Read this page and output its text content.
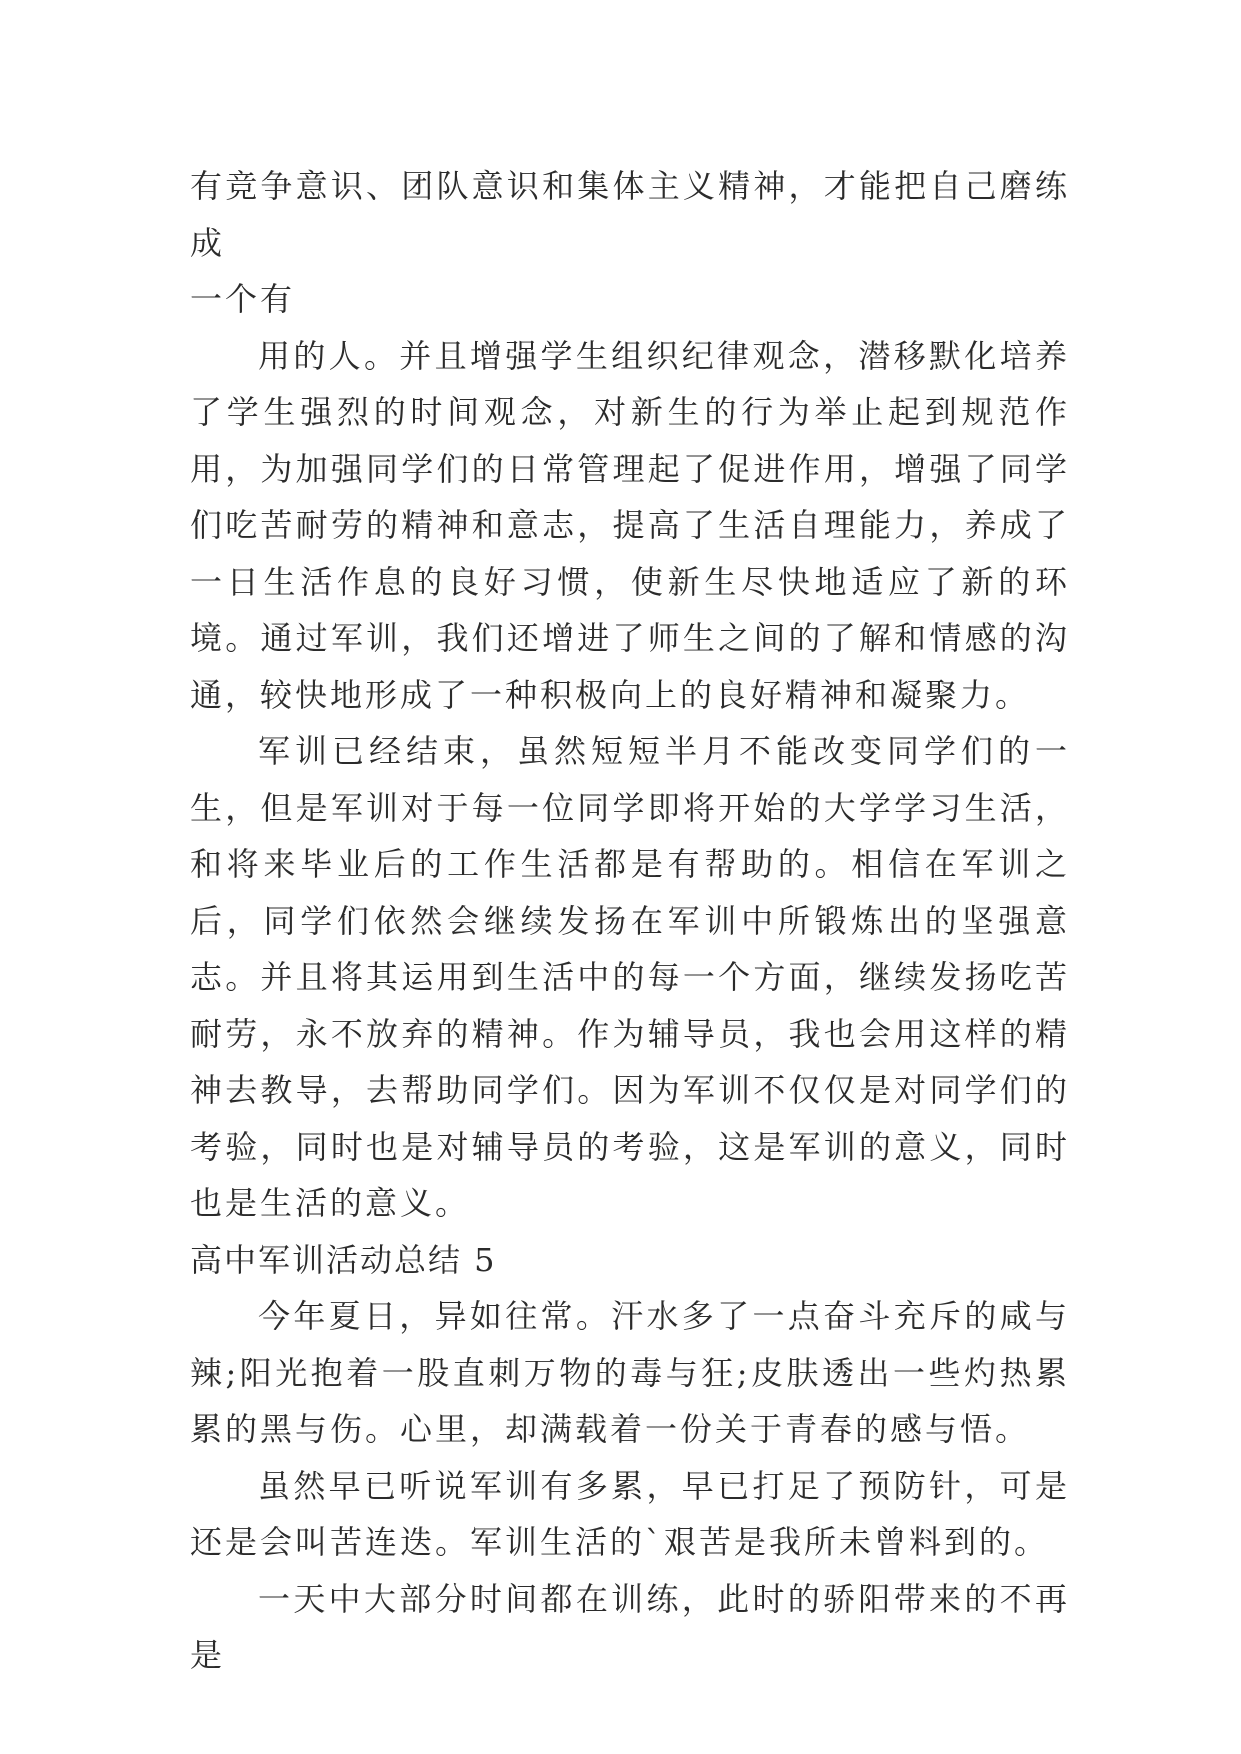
有竞争意识、团队意识和集体主义精神，才能把自己磨练成

一个有

用的人。并且增强学生组织纪律观念，潜移默化培养了学生强烈的时间观念，对新生的行为举止起到规范作用，为加强同学们的日常管理起了促进作用，增强了同学们吃苦耐劳的精神和意志，提高了生活自理能力，养成了一日生活作息的良好习惯，使新生尽快地适应了新的环境。通过军训，我们还增进了师生之间的了解和情感的沟通，较快地形成了一种积极向上的良好精神和凝聚力。

军训已经结束，虽然短短半月不能改变同学们的一生，但是军训对于每一位同学即将开始的大学学习生活，和将来毕业后的工作生活都是有帮助的。相信在军训之后，同学们依然会继续发扬在军训中所锻炼出的坚强意志。并且将其运用到生活中的每一个方面，继续发扬吃苦耐劳，永不放弃的精神。作为辅导员，我也会用这样的精神去教导，去帮助同学们。因为军训不仅仅是对同学们的考验，同时也是对辅导员的考验，这是军训的意义，同时也是生活的意义。

高中军训活动总结 5

今年夏日，异如往常。汗水多了一点奋斗充斥的咸与辣;阳光抱着一股直刺万物的毒与狂;皮肤透出一些灼热累累的黑与伤。心里，却满载着一份关于青春的感与悟。

虽然早已听说军训有多累，早已打足了预防针，可是还是会叫苦连迭。军训生活的`艰苦是我所未曾料到的。

一天中大部分时间都在训练，此时的骄阳带来的不再是
